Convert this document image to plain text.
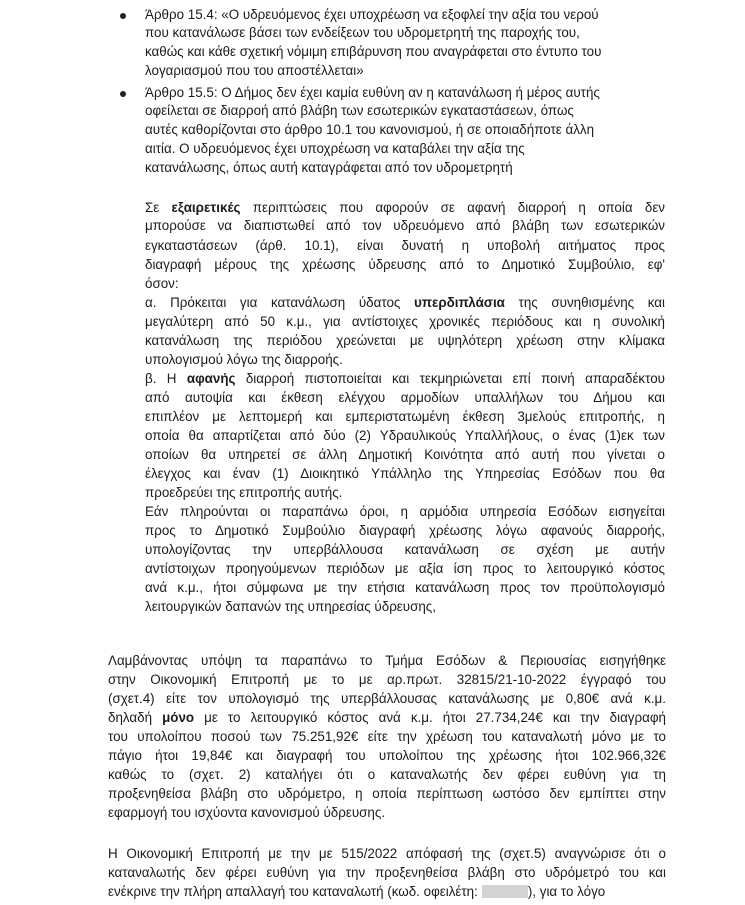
Άρθρο 15.4: «Ο υδρευόμενος έχει υποχρέωση να εξοφλεί την αξία του νερού
που κατανάλωσε βάσει των ενδείξεων του υδρομετρητή της παροχής του,
καθώς και κάθε σχετική νόμιμη επιβάρυνση που αναγράφεται στο έντυπο του
λογαριασμού που του αποστέλλεται»
Άρθρο 15.5: Ο Δήμος δεν έχει καμία ευθύνη αν η κατανάλωση ή μέρος αυτής
οφείλεται σε διαρροή από βλάβη των εσωτερικών εγκαταστάσεων, όπως
αυτές καθορίζονται στο άρθρο 10.1 του κανονισμού, ή σε οποιαδήποτε άλλη
αιτία. Ο υδρευόμενος έχει υποχρέωση να καταβάλει την αξία της
κατανάλωσης, όπως αυτή καταγράφεται από τον υδρομετρητή
Σε εξαιρετικές περιπτώσεις που αφορούν σε αφανή διαρροή η οποία δεν
μπορούσε να διαπιστωθεί από τον υδρευόμενο από βλάβη των εσωτερικών
εγκαταστάσεων (άρθ. 10.1), είναι δυνατή η υποβολή αιτήματος προς
διαγραφή μέρους της χρέωσης ύδρευσης από το Δημοτικό Συμβούλιο, εφ'
όσον:
α. Πρόκειται για κατανάλωση ύδατος υπερδιπλάσια της συνηθισμένης και
μεγαλύτερη από 50 κ.μ., για αντίστοιχες χρονικές περιόδους και η συνολική
κατανάλωση της περιόδου χρεώνεται με υψηλότερη χρέωση στην κλίμακα
υπολογισμού λόγω της διαρροής.
β. Η αφανής διαρροή πιστοποιείται και τεκμηριώνεται επί ποινή απαραδέκτου
από αυτοψία και έκθεση ελέγχου αρμοδίων υπαλλήλων του Δήμου και
επιπλέον με λεπτομερή και εμπεριστατωμένη έκθεση 3μελούς επιτροπής, η
οποία θα απαρτίζεται από δύο (2) Υδραυλικούς Υπαλλήλους, ο ένας (1)εκ των
οποίων θα υπηρετεί σε άλλη Δημοτική Κοινότητα από αυτή που γίνεται ο
έλεγχος και έναν (1) Διοικητικό Υπάλληλο της Υπηρεσίας Εσόδων που θα
προεδρεύει της επιτροπής αυτής.
Εάν πληρούνται οι παραπάνω όροι, η αρμόδια υπηρεσία Εσόδων εισηγείται
προς το Δημοτικό Συμβούλιο διαγραφή χρέωσης λόγω αφανούς διαρροής,
υπολογίζοντας την υπερβάλλουσα κατανάλωση σε σχέση με αυτήν
αντίστοιχων προηγούμενων περιόδων με αξία ίση προς το λειτουργικό κόστος
ανά κ.μ., ήτοι σύμφωνα με την ετήσια κατανάλωση προς τον προϋπολογισμό
λειτουργικών δαπανών της υπηρεσίας ύδρευσης,
Λαμβάνοντας υπόψη τα παραπάνω το Τμήμα Εσόδων & Περιουσίας εισηγήθηκε
στην Οικονομική Επιτροπή με το με αρ.πρωτ. 32815/21-10-2022 έγγραφό του
(σχετ.4) είτε τον υπολογισμό της υπερβάλλουσας κατανάλωσης με 0,80€ ανά κ.μ.
δηλαδή μόνο με το λειτουργικό κόστος ανά κ.μ. ήτοι 27.734,24€ και την διαγραφή
του υπολοίπου ποσού των 75.251,92€ είτε την χρέωση του καταναλωτή μόνο με το
πάγιο ήτοι 19,84€ και διαγραφή του υπολοίπου της χρέωσης ήτοι 102.966,32€
καθώς το (σχετ. 2) καταλήγει ότι ο καταναλωτής δεν φέρει ευθύνη για τη
προξενηθείσα βλάβη στο υδρόμετρο, η οποία περίπτωση ωστόσο δεν εμπίπτει στην
εφαρμογή του ισχύοντα κανονισμού ύδρευσης.
Η Οικονομική Επιτροπή με την με 515/2022 απόφασή της (σχετ.5) αναγνώρισε ότι ο
καταναλωτής δεν φέρει ευθύνη για την προξενηθείσα βλάβη στο υδρόμετρό του και
ενέκρινε την πλήρη απαλλαγή του καταναλωτή (κωδ. οφειλέτη:	), για το λόγο
